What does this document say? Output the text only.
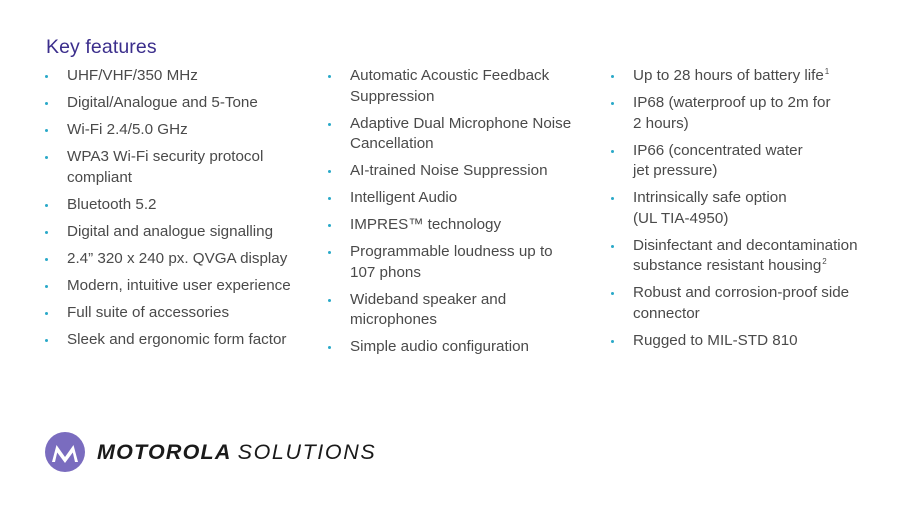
Key features
UHF/VHF/350 MHz
Digital/Analogue and 5-Tone
Wi-Fi 2.4/5.0 GHz
WPA3 Wi-Fi security protocol
compliant
Bluetooth 5.2
Digital and analogue signalling
2.4” 320 x 240 px. QVGA display
Modern, intuitive user experience
Full suite of accessories
Sleek and ergonomic form factor
Automatic Acoustic Feedback
Suppression
Adaptive Dual Microphone Noise
Cancellation
AI-trained Noise Suppression
Intelligent Audio
IMPRES™ technology
Programmable loudness up to
107 phons
Wideband speaker and
microphones
Simple audio configuration
Up to 28 hours of battery life$^1$
IP68 (waterproof up to 2m for
2 hours)
IP66 (concentrated water
jet pressure)
Intrinsically safe option
(UL TIA-4950)
Disinfectant and decontamination
substance resistant housing$^2$
Robust and corrosion-proof side
connector
Rugged to MIL-STD 810
MOTOROLA SOLUTIONS
